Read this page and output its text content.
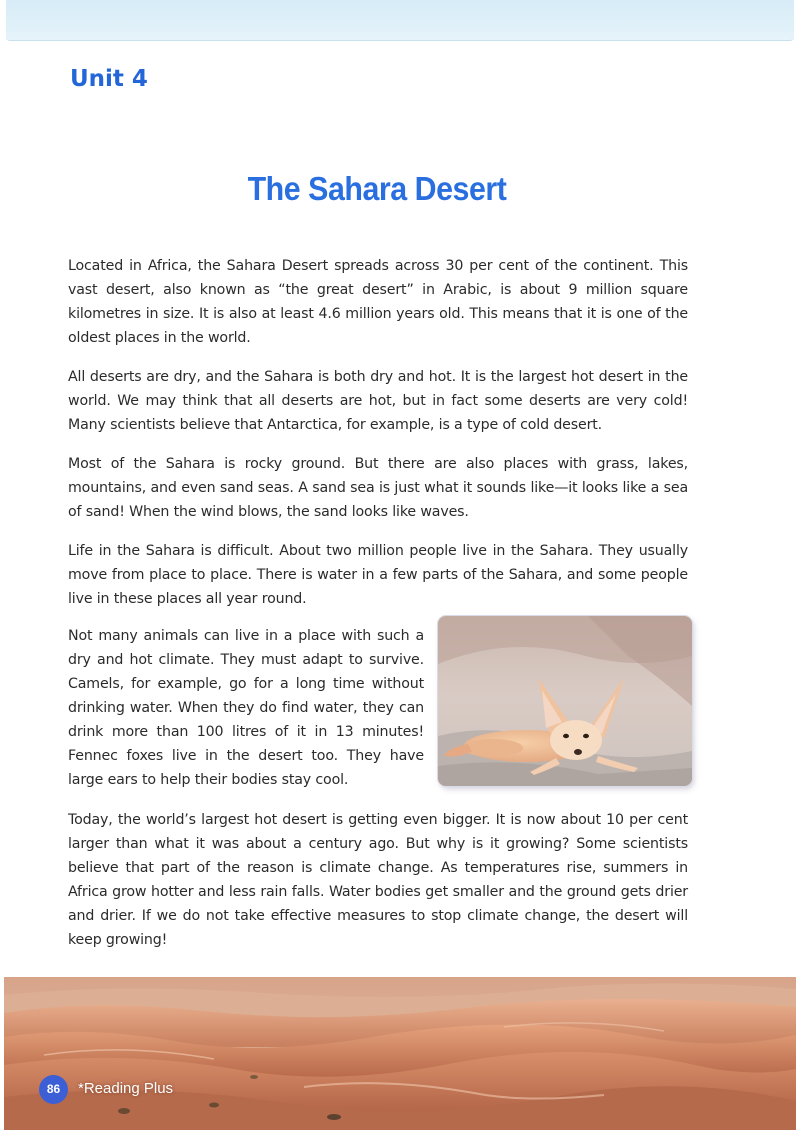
Unit 4
The Sahara Desert

Located in Africa, the Sahara Desert spreads across 30 per cent of the continent. This vast desert, also known as “the great desert” in Arabic, is about 9 million square kilometres in size. It is also at least 4.6 million years old. This means that it is one of the oldest places in the world.

All deserts are dry, and the Sahara is both dry and hot. It is the largest hot desert in the world. We may think that all deserts are hot, but in fact some deserts are very cold! Many scientists believe that Antarctica, for example, is a type of cold desert.

Most of the Sahara is rocky ground. But there are also places with grass, lakes, mountains, and even sand seas. A sand sea is just what it sounds like—it looks like a sea of sand! When the wind blows, the sand looks like waves.

Life in the Sahara is difficult. About two million people live in the Sahara. They usually move from place to place. There is water in a few parts of the Sahara, and some people live in these places all year round.

Not many animals can live in a place with such a dry and hot climate. They must adapt to survive. Camels, for example, go for a long time without drinking water. When they do find water, they can drink more than 100 litres of it in 13 minutes! Fennec foxes live in the desert too. They have large ears to help their bodies stay cool.

Today, the world’s largest hot desert is getting even bigger. It is now about 10 per cent larger than what it was about a century ago. But why is it growing? Some scientists believe that part of the reason is climate change. As temperatures rise, summers in Africa grow hotter and less rain falls. Water bodies get smaller and the ground gets drier and drier. If we do not take effective measures to stop climate change, the desert will keep growing!

86	*Reading Plus
